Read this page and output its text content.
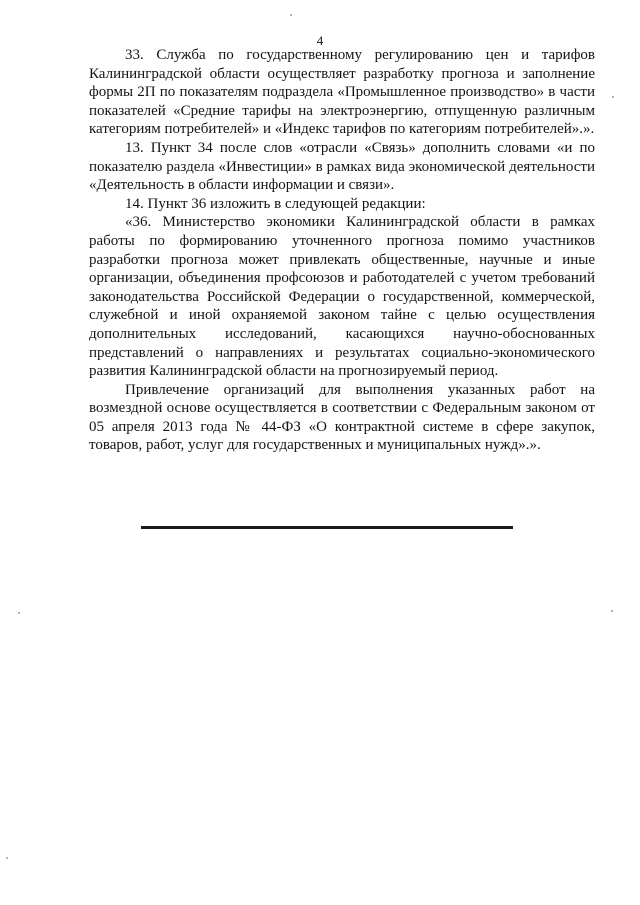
4

33. Служба по государственному регулированию цен и тарифов Калининградской области осуществляет разработку прогноза и заполнение формы 2П по показателям подраздела «Промышленное производство» в части показателей «Средние тарифы на электроэнергию, отпущенную различным категориям потребителей» и «Индекс тарифов по категориям потребителей».».

13. Пункт 34 после слов «отрасли «Связь» дополнить словами «и по показателю раздела «Инвестиции» в рамках вида экономической деятельности «Деятельность в области информации и связи».

14. Пункт 36 изложить в следующей редакции:

«36. Министерство экономики Калининградской области в рамках работы по формированию уточненного прогноза помимо участников разработки прогноза может привлекать общественные, научные и иные организации, объединения профсоюзов и работодателей с учетом требований законодательства Российской Федерации о государственной, коммерческой, служебной и иной охраняемой законом тайне с целью осуществления дополнительных исследований, касающихся научно-обоснованных представлений о направлениях и результатах социально-экономического развития Калининградской области на прогнозируемый период.

Привлечение организаций для выполнения указанных работ на возмездной основе осуществляется в соответствии с Федеральным законом от 05 апреля 2013 года № 44-ФЗ «О контрактной системе в сфере закупок, товаров, работ, услуг для государственных и муниципальных нужд».».
